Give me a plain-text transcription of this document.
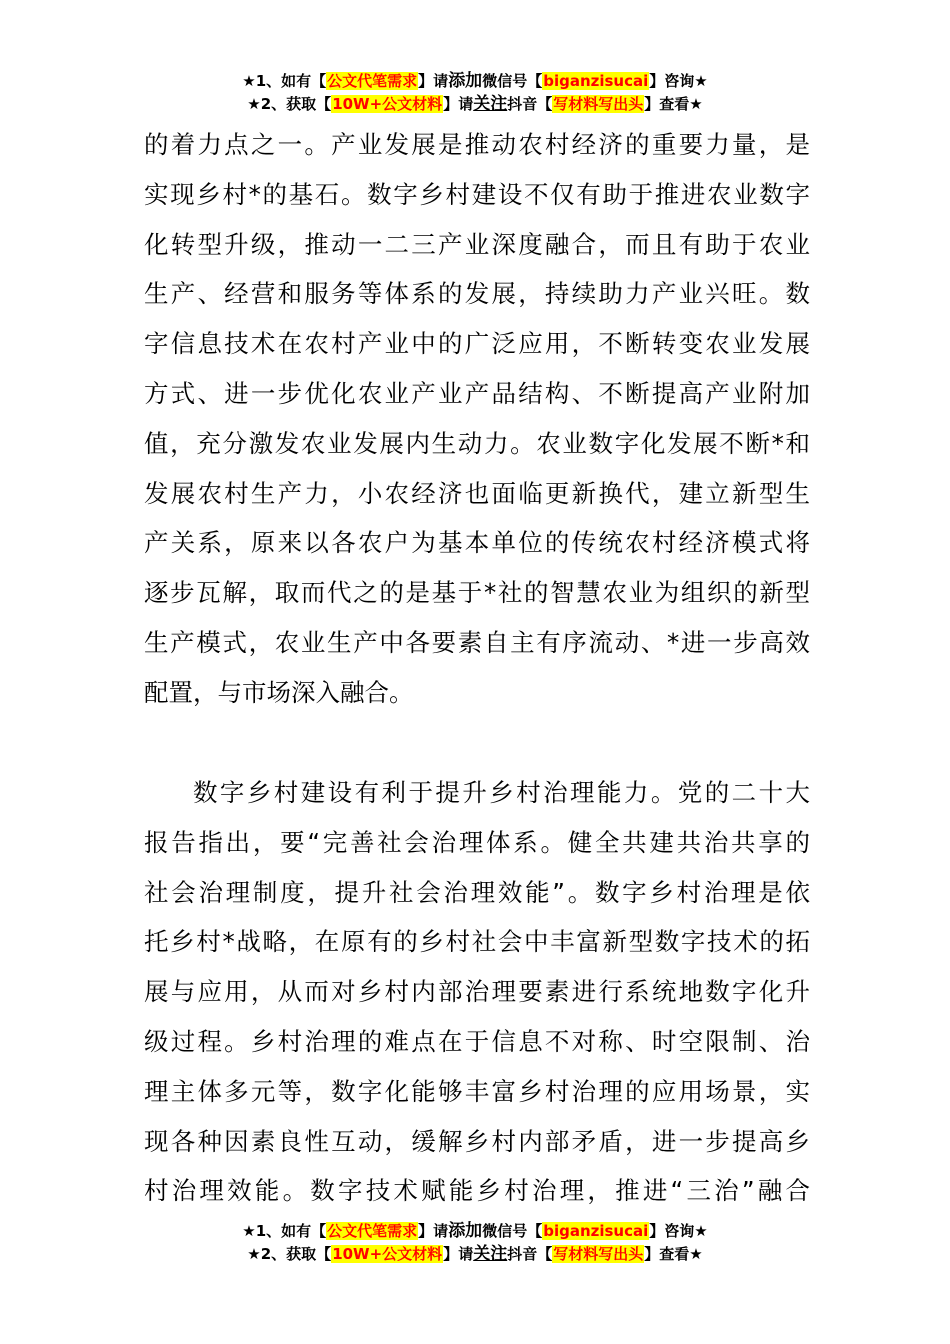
★1、如有【公文代笔需求】请添加微信号【biganzisucai】咨询★
★2、获取【10W+公文材料】请关注抖音【写材料写出头】查看★
的着力点之一。产业发展是推动农村经济的重要力量，是
实现乡村*的基石。数字乡村建设不仅有助于推进农业数字
化转型升级，推动一二三产业深度融合，而且有助于农业
生产、经营和服务等体系的发展，持续助力产业兴旺。数
字信息技术在农村产业中的广泛应用，不断转变农业发展
方式、进一步优化农业产业产品结构、不断提高产业附加
值，充分激发农业发展内生动力。农业数字化发展不断*和
发展农村生产力，小农经济也面临更新换代，建立新型生
产关系，原来以各农户为基本单位的传统农村经济模式将
逐步瓦解，取而代之的是基于*社的智慧农业为组织的新型
生产模式，农业生产中各要素自主有序流动、*进一步高效
配置，与市场深入融合。
数字乡村建设有利于提升乡村治理能力。党的二十大
报告指出，要“完善社会治理体系。健全共建共治共享的
社会治理制度，提升社会治理效能”。数字乡村治理是依
托乡村*战略，在原有的乡村社会中丰富新型数字技术的拓
展与应用，从而对乡村内部治理要素进行系统地数字化升
级过程。乡村治理的难点在于信息不对称、时空限制、治
理主体多元等，数字化能够丰富乡村治理的应用场景，实
现各种因素良性互动，缓解乡村内部矛盾，进一步提高乡
村治理效能。数字技术赋能乡村治理，推进“三治”融合
★1、如有【公文代笔需求】请添加微信号【biganzisucai】咨询★
★2、获取【10W+公文材料】请关注抖音【写材料写出头】查看★
